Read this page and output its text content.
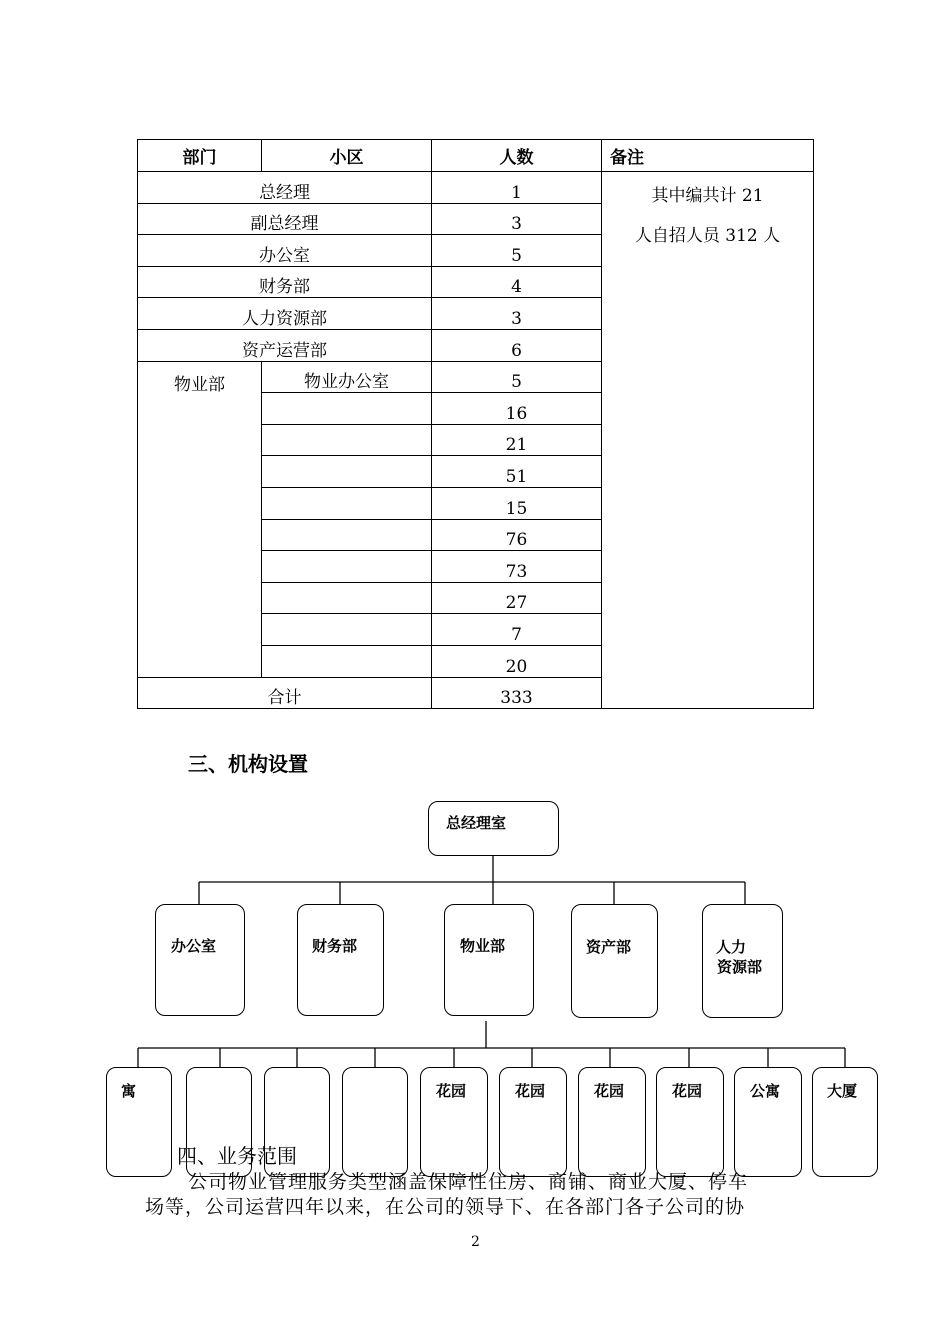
部门	小区	人数	备注
总经理		1	其中编共计 21
人自招人员 312 人

副总经理		3	
办公室		5	
财务部		4	
人力资源部		3	
资产运营部		6	
物业部	物业办公室	5	
		16	
		21	
		51	
		15	
		76	
		73	
		27	
		7	
		20	
合计		333	
三、机构设置
总经理室
办公室	财务部	物业部	资产部	人力
资源部
寓	花园	花园	花园	花园	公寓	大厦
四、业务范围
公司物业管理服务类型涵盖保障性住房、商铺、商业大厦、停车
场等，公司运营四年以来，在公司的领导下、在各部门各子公司的协
2
